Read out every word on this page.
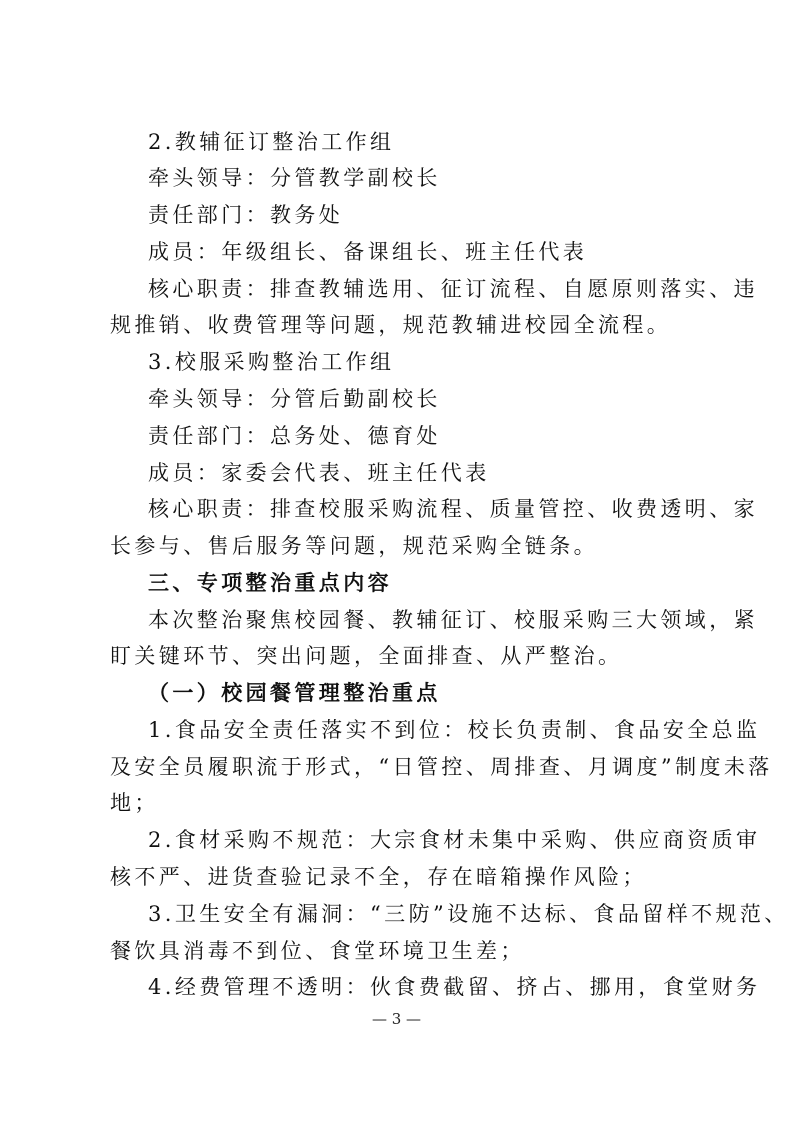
2.教辅征订整治工作组
牵头领导：分管教学副校长
责任部门：教务处
成员：年级组长、备课组长、班主任代表
核心职责：排查教辅选用、征订流程、自愿原则落实、违
规推销、收费管理等问题，规范教辅进校园全流程。
3.校服采购整治工作组
牵头领导：分管后勤副校长
责任部门：总务处、德育处
成员：家委会代表、班主任代表
核心职责：排查校服采购流程、质量管控、收费透明、家
长参与、售后服务等问题，规范采购全链条。
三、专项整治重点内容
本次整治聚焦校园餐、教辅征订、校服采购三大领域，紧
盯关键环节、突出问题，全面排查、从严整治。
（一）校园餐管理整治重点
1.食品安全责任落实不到位：校长负责制、食品安全总监
及安全员履职流于形式，“日管控、周排查、月调度”制度未落
地；
2.食材采购不规范：大宗食材未集中采购、供应商资质审
核不严、进货查验记录不全，存在暗箱操作风险；
3.卫生安全有漏洞：“三防”设施不达标、食品留样不规范、
餐饮具消毒不到位、食堂环境卫生差；
4.经费管理不透明：伙食费截留、挤占、挪用，食堂财务
— 3 —
